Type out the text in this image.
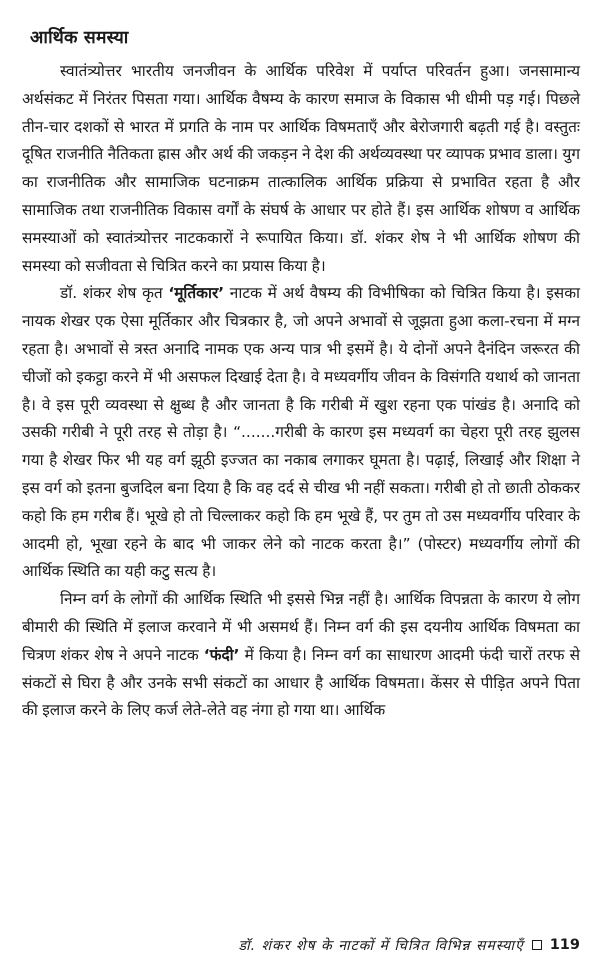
आर्थिक समस्या

स्वातंत्र्योत्तर भारतीय जनजीवन के आर्थिक परिवेश में पर्याप्त परिवर्तन हुआ। जनसामान्य अर्थसंकट में निरंतर पिसता गया। आर्थिक वैषम्य के कारण समाज के विकास भी धीमी पड़ गई। पिछले तीन-चार दशकों से भारत में प्रगति के नाम पर आर्थिक विषमताएँ और बेरोजगारी बढ़ती गई है। वस्तुतः दूषित राजनीति नैतिकता ह्रास और अर्थ की जकड़न ने देश की अर्थव्यवस्था पर व्यापक प्रभाव डाला। युग का राजनीतिक और सामाजिक घटनाक्रम तात्कालिक आर्थिक प्रक्रिया से प्रभावित रहता है और सामाजिक तथा राजनीतिक विकास वर्गों के संघर्ष के आधार पर होते हैं। इस आर्थिक शोषण व आर्थिक समस्याओं को स्वातंत्र्योत्तर नाटककारों ने रूपायित किया। डॉ. शंकर शेष ने भी आर्थिक शोषण की समस्या को सजीवता से चित्रित करने का प्रयास किया है।

डॉ. शंकर शेष कृत ‘मूर्तिकार’ नाटक में अर्थ वैषम्य की विभीषिका को चित्रित किया है। इसका नायक शेखर एक ऐसा मूर्तिकार और चित्रकार है, जो अपने अभावों से जूझता हुआ कला-रचना में मग्न रहता है। अभावों से त्रस्त अनादि नामक एक अन्य पात्र भी इसमें है। ये दोनों अपने दैनंदिन जरूरत की चीजों को इकट्ठा करने में भी असफल दिखाई देता है। वे मध्यवर्गीय जीवन के विसंगति यथार्थ को जानता है। वे इस पूरी व्यवस्था से क्षुब्ध है और जानता है कि गरीबी में खुश रहना एक पांखंड है। अनादि को उसकी गरीबी ने पूरी तरह से तोड़ा है। “.......गरीबी के कारण इस मध्यवर्ग का चेहरा पूरी तरह झुलस गया है शेखर फिर भी यह वर्ग झूठी इज्जत का नकाब लगाकर घूमता है। पढ़ाई, लिखाई और शिक्षा ने इस वर्ग को इतना बुजदिल बना दिया है कि वह दर्द से चीख भी नहीं सकता। गरीबी हो तो छाती ठोककर कहो कि हम गरीब हैं। भूखे हो तो चिल्लाकर कहो कि हम भूखे हैं, पर तुम तो उस मध्यवर्गीय परिवार के आदमी हो, भूखा रहने के बाद भी जाकर लेने को नाटक करता है।” (पोस्टर) मध्यवर्गीय लोगों की आर्थिक स्थिति का यही कटु सत्य है।

निम्न वर्ग के लोगों की आर्थिक स्थिति भी इससे भिन्न नहीं है। आर्थिक विपन्नता के कारण ये लोग बीमारी की स्थिति में इलाज करवाने में भी असमर्थ हैं। निम्न वर्ग की इस दयनीय आर्थिक विषमता का चित्रण शंकर शेष ने अपने नाटक ‘फंदी’ में किया है। निम्न वर्ग का साधारण आदमी फंदी चारों तरफ से संकटों से घिरा है और उनके सभी संकटों का आधार है आर्थिक विषमता। केंसर से पीड़ित अपने पिता की इलाज करने के लिए कर्ज लेते-लेते वह नंगा हो गया था। आर्थिक

डॉ. शंकर शेष के नाटकों में चित्रित विभिन्न समस्याएँ 119
